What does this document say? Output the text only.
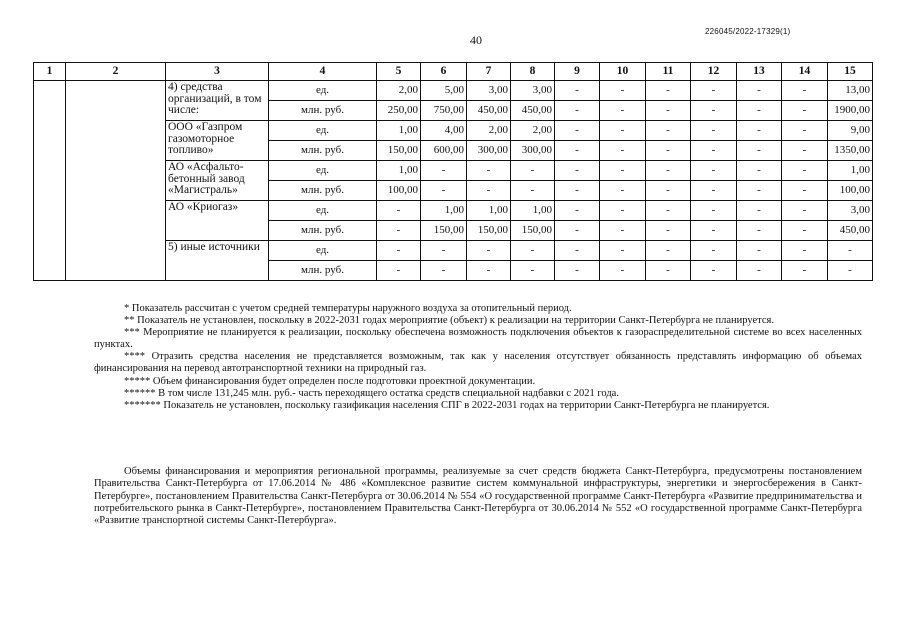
40
226045/2022-17329(1)
1	2	3	4	5	6	7	8	9	10	11	12	13	14	15
		4) средства организаций, в том числе:	ед.	2,00	5,00	3,00	3,00	-	-	-	-	-	-	13,00
			млн. руб.	250,00	750,00	450,00	450,00	-	-	-	-	-	-	1900,00
		ООО «Газпром газомоторное топливо»	ед.	1,00	4,00	2,00	2,00	-	-	-	-	-	-	9,00
			млн. руб.	150,00	600,00	300,00	300,00	-	-	-	-	-	-	1350,00
		АО «Асфальто-бетонный завод «Магистраль»	ед.	1,00	-	-	-	-	-	-	-	-	-	1,00
			млн. руб.	100,00	-	-	-	-	-	-	-	-	-	100,00
		АО «Криогаз»	ед.	-	1,00	1,00	1,00	-	-	-	-	-	-	3,00
			млн. руб.	-	150,00	150,00	150,00	-	-	-	-	-	-	450,00
		5) иные источники	ед.	-	-	-	-	-	-	-	-	-	-	-
			млн. руб.	-	-	-	-	-	-	-	-	-	-	-

* Показатель рассчитан с учетом средней температуры наружного воздуха за отопительный период.

** Показатель не установлен, поскольку в 2022-2031 годах мероприятие (объект) к реализации на территории Санкт-Петербурга не планируется.

*** Мероприятие не планируется к реализации, поскольку обеспечена возможность подключения объектов к газораспределительной системе во всех населенных пунктах.

**** Отразить средства населения не представляется возможным, так как у населения отсутствует обязанность представлять информацию об объемах финансирования на перевод автотранспортной техники на природный газ.

***** Объем финансирования будет определен после подготовки проектной документации.

****** В том числе 131,245 млн. руб.- часть переходящего остатка средств специальной надбавки с 2021 года.

******* Показатель не установлен, поскольку газификация населения СПГ в 2022-2031 годах на территории Санкт-Петербурга не планируется.

Объемы финансирования и мероприятия региональной программы, реализуемые за счет средств бюджета Санкт-Петербурга, предусмотрены постановлением Правительства Санкт-Петербурга от 17.06.2014 № 486 «Комплексное развитие систем коммунальной инфраструктуры, энергетики и энергосбережения в Санкт-Петербурге», постановлением Правительства Санкт-Петербурга от 30.06.2014 № 554 «О государственной программе Санкт-Петербурга «Развитие предпринимательства и потребительского рынка в Санкт-Петербурге», постановлением Правительства Санкт-Петербурга от 30.06.2014 № 552 «О государственной программе Санкт-Петербурга «Развитие транспортной системы Санкт-Петербурга».
